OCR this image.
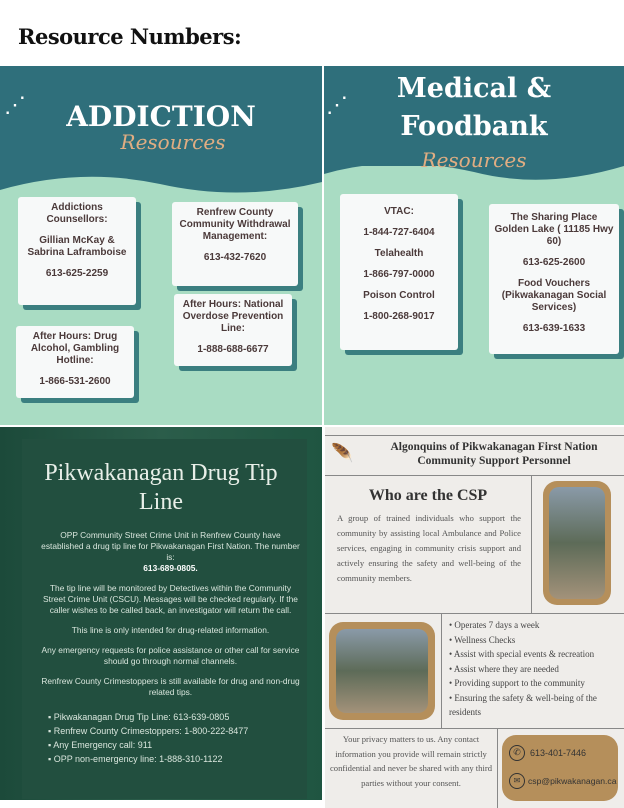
Resource Numbers:
⋰	ADDICTION
Resources

Addictions Counsellors:

Gillian McKay & Sabrina Laframboise

613-625-2259

Renfrew County Community Withdrawal Management:

613-432-7620

After Hours: National Overdose Prevention Line:

1-888-688-6677

After Hours: Drug Alcohol, Gambling Hotline:

1-866-531-2600

⋰
Medical &
Foodbank
Resources

VTAC:

1-844-727-6404

Telahealth

1-866-797-0000

Poison Control

1-800-268-9017

The Sharing Place Golden Lake ( 11185 Hwy 60)

613-625-2600

Food Vouchers (Pikwakanagan Social Services)

613-639-1633

Pikwakanagan Drug Tip Line
OPP Community Street Crime Unit in Renfrew County have established a drug tip line for Pikwakanagan First Nation. The number is:
613-689-0805.
The tip line will be monitored by Detectives within the Community Street Crime Unit (CSCU). Messages will be checked regularly. If the caller wishes to be called back, an investigator will return the call.
This line is only intended for drug-related information.
Any emergency requests for police assistance or other call for service should go through normal channels.
Renfrew County Crimestoppers is still available for drug and non-drug related tips.
▪ Pikwakanagan Drug Tip Line: 613-639-0805
▪ Renfrew County Crimestoppers: 1-800-222-8477
▪ Any Emergency call: 911
▪ OPP non-emergency line: 1-888-310-1122
🪶	Algonquins of Pikwakanagan First Nation
Community Support Personnel
Who are the CSP
A group of trained individuals who support the community by assisting local Ambulance and Police services, engaging in community crisis support and actively ensuring the safety and well-being of the community members.
• Operates 7 days a week
• Wellness Checks
• Assist with special events & recreation
• Assist where they are needed
• Providing support to the community
• Ensuring the safety & well-being of the residents
Your privacy matters to us. Any contact information you provide will remain strictly confidential and never be shared with any third parties without your consent.
✆	613-401-7446
✉ csp@pikwakanagan.ca
